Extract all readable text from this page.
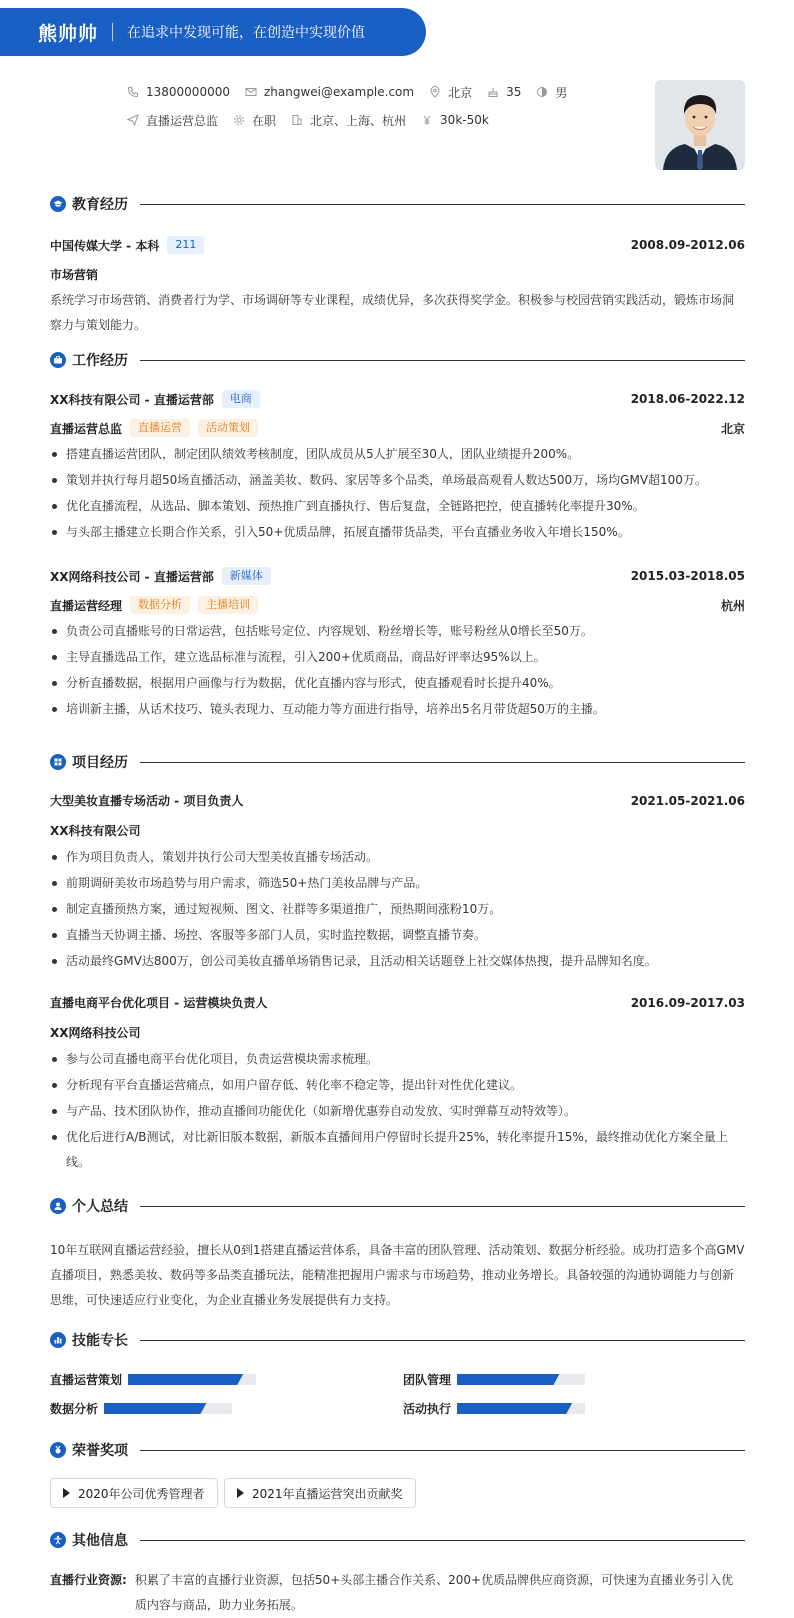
熊帅帅 在追求中发现可能，在创造中实现价值
13800000000	zhangwei@example.com	北京	35	男
直播运营总监	在职	北京、上海、杭州	30k-50k
教育经历
中国传媒大学 - 本科	211	2008.09-2012.06
市场营销
系统学习市场营销、消费者行为学、市场调研等专业课程，成绩优异，多次获得奖学金。积极参与校园营销实践活动，锻炼市场洞察力与策划能力。
工作经历
XX科技有限公司 - 直播运营部	电商	2018.06-2022.12
直播运营总监	直播运营	活动策划	北京
搭建直播运营团队，制定团队绩效考核制度，团队成员从5人扩展至30人，团队业绩提升200%。
策划并执行每月超50场直播活动，涵盖美妆、数码、家居等多个品类，单场最高观看人数达500万，场均GMV超100万。
优化直播流程，从选品、脚本策划、预热推广到直播执行、售后复盘，全链路把控，使直播转化率提升30%。
与头部主播建立长期合作关系，引入50+优质品牌，拓展直播带货品类，平台直播业务收入年增长150%。
XX网络科技公司 - 直播运营部	新媒体	2015.03-2018.05
直播运营经理	数据分析	主播培训	杭州
负责公司直播账号的日常运营，包括账号定位、内容规划、粉丝增长等，账号粉丝从0增长至50万。
主导直播选品工作，建立选品标准与流程，引入200+优质商品，商品好评率达95%以上。
分析直播数据，根据用户画像与行为数据，优化直播内容与形式，使直播观看时长提升40%。
培训新主播，从话术技巧、镜头表现力、互动能力等方面进行指导，培养出5名月带货超50万的主播。
项目经历
大型美妆直播专场活动 - 项目负责人	2021.05-2021.06
XX科技有限公司
作为项目负责人，策划并执行公司大型美妆直播专场活动。
前期调研美妆市场趋势与用户需求，筛选50+热门美妆品牌与产品。
制定直播预热方案，通过短视频、图文、社群等多渠道推广，预热期间涨粉10万。
直播当天协调主播、场控、客服等多部门人员，实时监控数据，调整直播节奏。
活动最终GMV达800万，创公司美妆直播单场销售记录，且活动相关话题登上社交媒体热搜，提升品牌知名度。
直播电商平台优化项目 - 运营模块负责人	2016.09-2017.03
XX网络科技公司
参与公司直播电商平台优化项目，负责运营模块需求梳理。
分析现有平台直播运营痛点，如用户留存低、转化率不稳定等，提出针对性优化建议。
与产品、技术团队协作，推动直播间功能优化（如新增优惠券自动发放、实时弹幕互动特效等）。
优化后进行A/B测试，对比新旧版本数据，新版本直播间用户停留时长提升25%，转化率提升15%，最终推动优化方案全量上线。
个人总结
10年互联网直播运营经验，擅长从0到1搭建直播运营体系，具备丰富的团队管理、活动策划、数据分析经验。成功打造多个高GMV直播项目，熟悉美妆、数码等多品类直播玩法，能精准把握用户需求与市场趋势，推动业务增长。具备较强的沟通协调能力与创新思维，可快速适应行业变化，为企业直播业务发展提供有力支持。
技能专长
直播运营策划	团队管理
数据分析	活动执行
荣誉奖项
2020年公司优秀管理者	2021年直播运营突出贡献奖
其他信息
直播行业资源: 积累了丰富的直播行业资源，包括50+头部主播合作关系、200+优质品牌供应商资源，可快速为直播业务引入优质内容与商品，助力业务拓展。
